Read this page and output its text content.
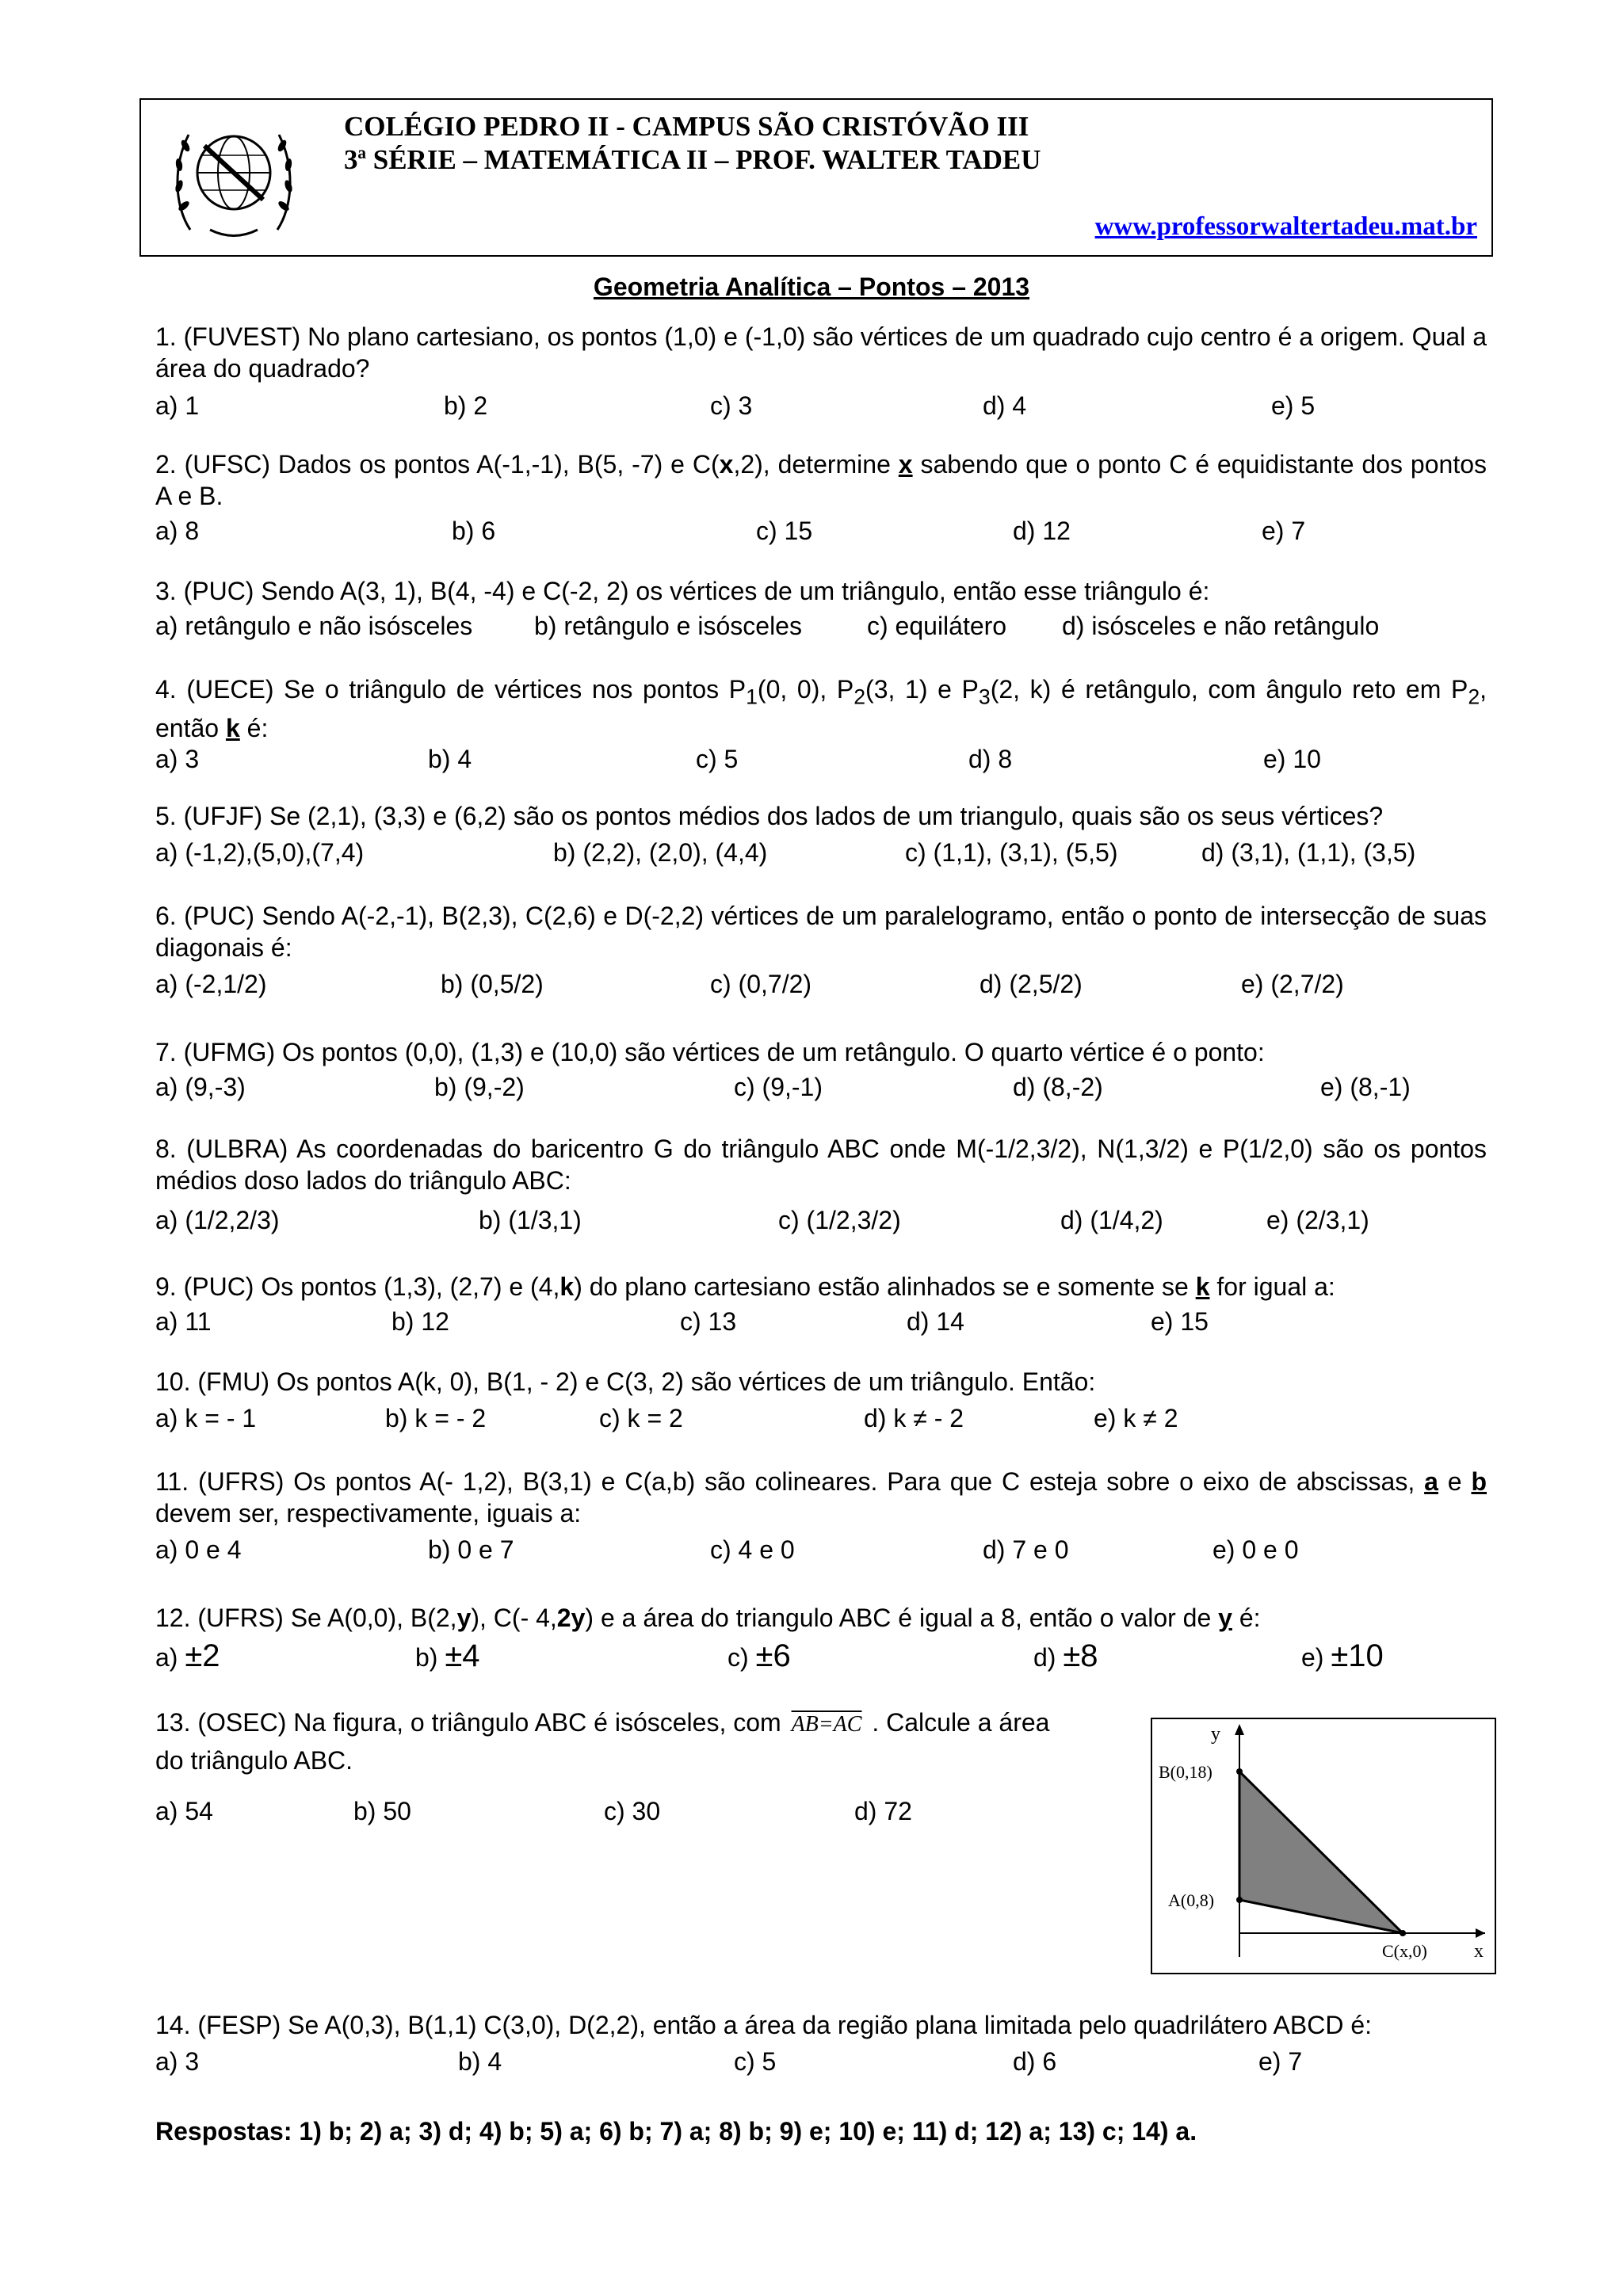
COLÉGIO PEDRO II - CAMPUS SÃO CRISTÓVÃO III
3ª SÉRIE – MATEMÁTICA II – PROF. WALTER TADEU
www.professorwaltertadeu.mat.br
Geometria Analítica – Pontos – 2013
1. (FUVEST) No plano cartesiano, os pontos (1,0) e (-1,0) são vértices de um quadrado cujo centro é a origem. Qual a área do quadrado?
a) 1	b) 2	c) 3	d) 4	e) 5
2. (UFSC) Dados os pontos A(-1,-1), B(5, -7) e C(x,2), determine x sabendo que o ponto C é equidistante dos pontos A e B.
a) 8	b) 6	c) 15	d) 12	e) 7
3. (PUC) Sendo A(3, 1), B(4, -4) e C(-2, 2) os vértices de um triângulo, então esse triângulo é:
a) retângulo e não isósceles b) retângulo e isósceles	c) equilátero d) isósceles e não retângulo
4. (UECE) Se o triângulo de vértices nos pontos $P_1(0$, 0), $P_2(3$, 1) e $P_3(2$, k) é retângulo, com ângulo reto em $P_2$, então k é:
a) 3	b) 4	c) 5	d) 8	e) 10
5. (UFJF) Se (2,1), (3,3) e (6,2) são os pontos médios dos lados de um triangulo, quais são os seus vértices?
a) (-1,2),(5,0),(7,4)	b) (2,2), (2,0), (4,4)	c) (1,1), (3,1), (5,5)	d) (3,1), (1,1), (3,5)
6. (PUC) Sendo A(-2,-1), B(2,3), C(2,6) e D(-2,2) vértices de um paralelogramo, então o ponto de intersecção de suas diagonais é:
a) (-2,1/2)	b) (0,5/2)	c) (0,7/2)	d) (2,5/2)	e) (2,7/2)
7. (UFMG) Os pontos (0,0), (1,3) e (10,0) são vértices de um retângulo. O quarto vértice é o ponto:
a) (9,-3)	b) (9,-2)	c) (9,-1)	d) (8,-2)	e) (8,-1)
8. (ULBRA) As coordenadas do baricentro G do triângulo ABC onde M(-1/2,3/2), N(1,3/2) e P(1/2,0) são os pontos médios doso lados do triângulo ABC:
a) (1/2,2/3)	b) (1/3,1)	c) (1/2,3/2)	d) (1/4,2)	e) (2/3,1)
9. (PUC) Os pontos (1,3), (2,7) e (4,k) do plano cartesiano estão alinhados se e somente se k for igual a:
a) 11	b) 12	c) 13	d) 14	e) 15
10. (FMU) Os pontos A(k, 0), B(1, - 2) e C(3, 2) são vértices de um triângulo. Então:
a) k = - 1	b) k = - 2	c) k = 2	d) k ≠ - 2	e) k ≠ 2
11. (UFRS) Os pontos A(- 1,2), B(3,1) e C(a,b) são colineares. Para que C esteja sobre o eixo de abscissas, a e b devem ser, respectivamente, iguais a:
a) 0 e 4	b) 0 e 7	c) 4 e 0	d) 7 e 0	e) 0 e 0
12. (UFRS) Se A(0,0), B(2,y), C(- 4,2y) e a área do triangulo ABC é igual a 8, então o valor de y é:
a) ±2	b) ±4	c) ±6	d) ±8	e) ±10
13. (OSEC) Na figura, o triângulo ABC é isósceles, com AB=AC . Calcule a área
do triângulo ABC.
a) 54	b) 50	c) 30	d) 72
y
x
B(0,18)
A(0,8)
C(x,0)
14. (FESP) Se A(0,3), B(1,1) C(3,0), D(2,2), então a área da região plana limitada pelo quadrilátero ABCD é:
a) 3	b) 4	c) 5	d) 6	e) 7
Respostas: 1) b; 2) a; 3) d; 4) b; 5) a; 6) b; 7) a; 8) b; 9) e; 10) e; 11) d; 12) a; 13) c; 14) a.
